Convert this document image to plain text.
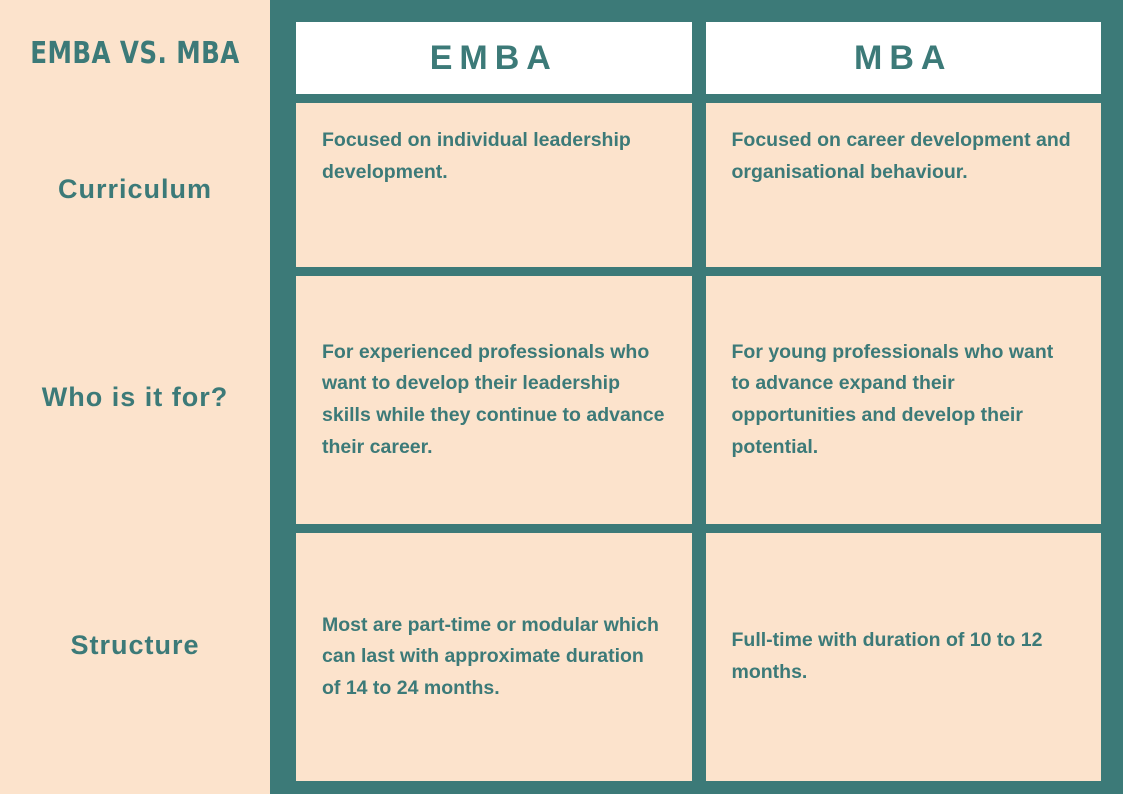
EMBA VS. MBA
Curriculum
Who is it for?
Structure
EMBA	MBA
Focused on individual leadership development.
Focused on career development and organisational behaviour.
For experienced professionals who want to develop their leadership skills while they continue to advance their career.
For young professionals who want to advance expand their opportunities and develop their potential.
Most are part-time or modular which can last with approximate duration of 14 to 24 months.
Full-time with duration of 10 to 12 months.
